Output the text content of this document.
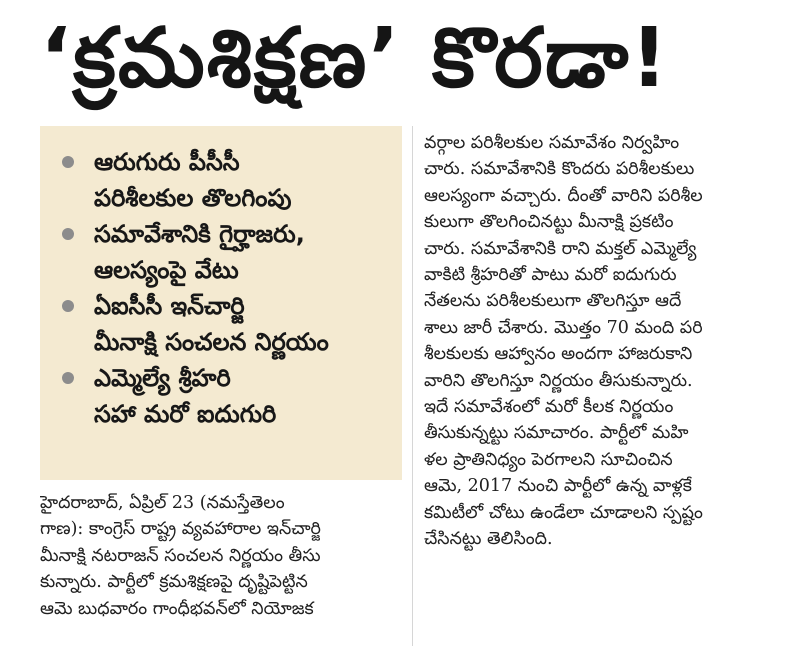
‘క్రమశిక్షణ’ కొరడా!
ఆరుగురు పీసీసీ
పరిశీలకుల తొలగింపు
సమావేశానికి గైర్హాజరు,
ఆలస్యంపై వేటు
ఏఐసీసీ ఇన్‌చార్జి
మీనాక్షి సంచలన నిర్ణయం
ఎమ్మెల్యే శ్రీహరి
సహా మరో ఐదుగురి
హైదరాబాద్, ఏప్రిల్ 23 (నమస్తేతెలం
గాణ): కాంగ్రెస్ రాష్ట్ర వ్యవహారాల ఇన్‌చార్జి
మీనాక్షి నటరాజన్ సంచలన నిర్ణయం తీసు
కున్నారు. పార్టీలో క్రమశిక్షణపై దృష్టిపెట్టిన
ఆమె బుధవారం గాంధీభవన్‌లో నియోజక
వర్గాల పరిశీలకుల సమావేశం నిర్వహిం
చారు. సమావేశానికి కొందరు పరిశీలకులు
ఆలస్యంగా వచ్చారు. దీంతో వారిని పరిశీల
కులుగా తొలగించినట్టు మీనాక్షి ప్రకటిం
చారు. సమావేశానికి రాని మక్తల్ ఎమ్మెల్యే
వాకిటి శ్రీహరితో పాటు మరో ఐదుగురు
నేతలను పరిశీలకులుగా తొలగిస్తూ ఆదే
శాలు జారీ చేశారు. మొత్తం 70 మంది పరి
శీలకులకు ఆహ్వానం అందగా హాజరుకాని
వారిని తొలగిస్తూ నిర్ణయం తీసుకున్నారు.
ఇదే సమావేశంలో మరో కీలక నిర్ణయం
తీసుకున్నట్టు సమాచారం. పార్టీలో మహి
ళల ప్రాతినిధ్యం పెరగాలని సూచించిన
ఆమె, 2017 నుంచి పార్టీలో ఉన్న వాళ్లకే
కమిటీలో చోటు ఉండేలా చూడాలని స్పష్టం
చేసినట్టు తెలిసింది.
